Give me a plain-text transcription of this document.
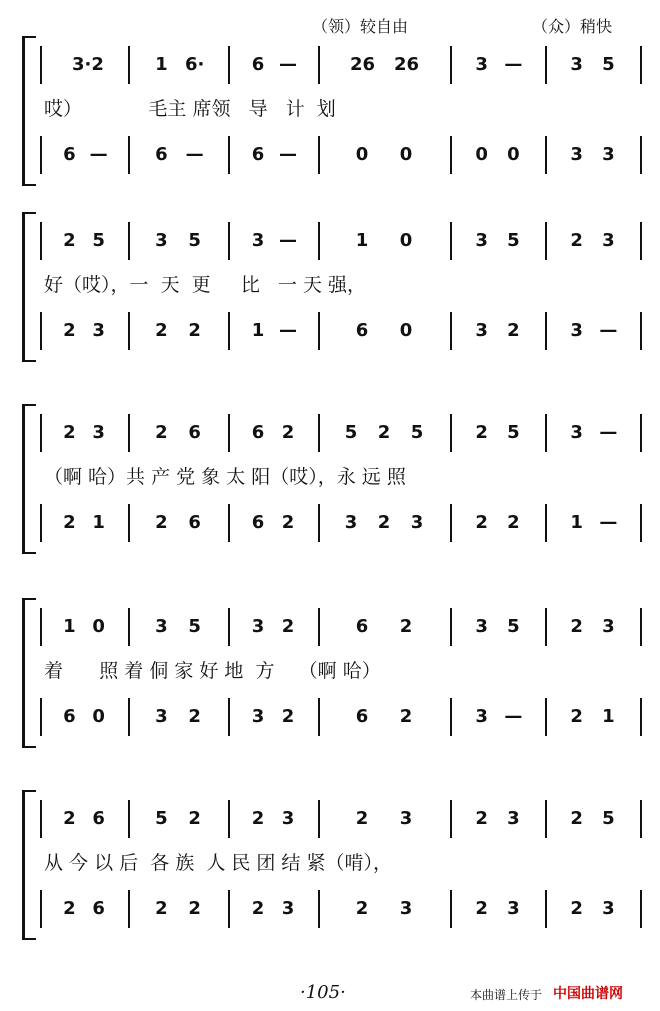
（领）较自由	（众）稍快
3·2	1 6·	6 —	26 26	3 —	3	5
哎）           毛主 席领   导   计  划
6 —	6	—	6 —	0	0	0	0	3	3
2 5	3	5	3 —	1	0	3	5	2	3
好（哎），一  天  更     比   一 天 强，
2 3	2	2	1 —	6	0	3	2	3 —
2 3	2	6	6 2	5	2	5	2	5	3 —
（啊 哈）共 产 党 象 太 阳（哎），永 远 照
2 1	2	6	6 2	3	2	3	2	2	1 —
1 0	3	5	3 2	6	2	3	5	2	3
着      照 着 侗 家 好 地  方    （啊 哈）
6 0	3	2	3 2	6	2	3 —	2	1
2 6	5	2	2 3	2	3	2	3	2	5
从 今 以 后  各 族  人 民 团 结 紧（啃），
2 6	2	2	2 3	2	3	2	3	2	3
·105·	本曲谱上传于 中国曲谱网
